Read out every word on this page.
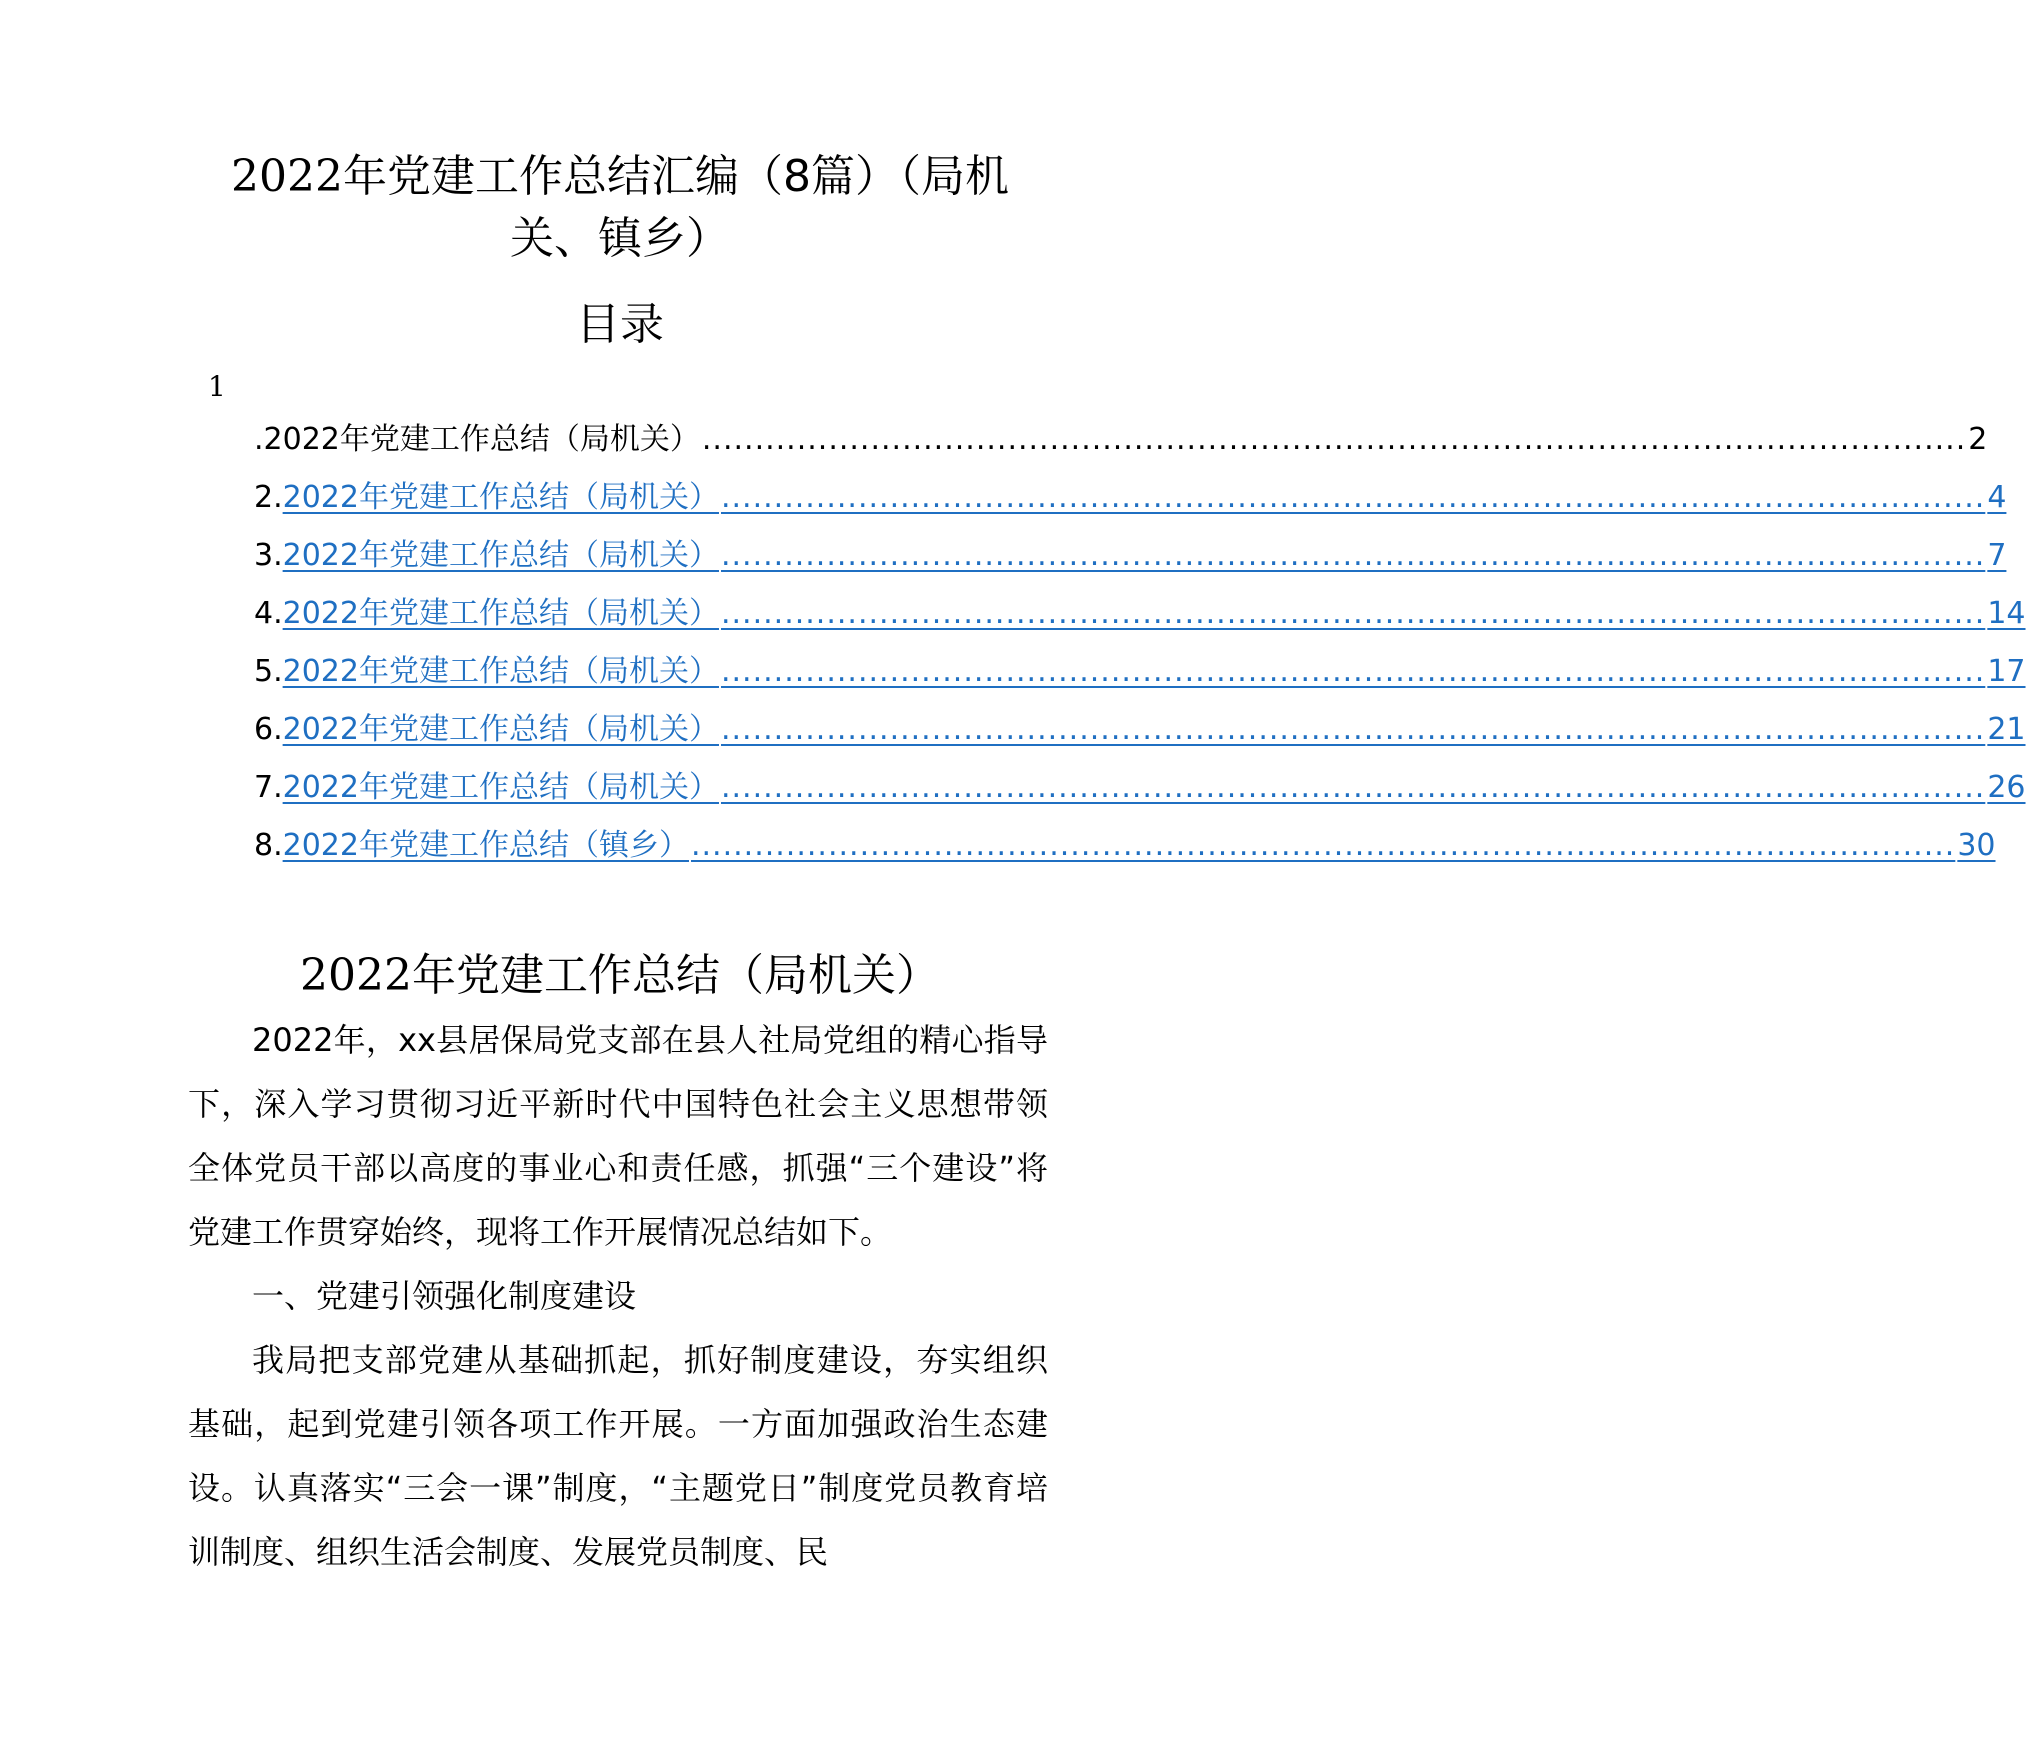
2022年党建工作总结汇编（8篇）（局机
关、镇乡）
目录
1
.2022年党建工作总结（局机关） ........................................................................................................................ 2
2. 2022年党建工作总结（局机关） ........................................................................................................................ 4
3. 2022年党建工作总结（局机关） ........................................................................................................................ 7
4. 2022年党建工作总结（局机关） ........................................................................................................................ 14
5. 2022年党建工作总结（局机关） ........................................................................................................................ 17
6. 2022年党建工作总结（局机关） ........................................................................................................................ 21
7. 2022年党建工作总结（局机关） ........................................................................................................................ 26
8. 2022年党建工作总结（镇乡） ........................................................................................................................ 30
2022年党建工作总结（局机关）

2022年，xx县居保局党支部在县人社局党组的精心指导下，深入学习贯彻习近平新时代中国特色社会主义思想带领全体党员干部以高度的事业心和责任感，抓强“三个建设”将党建工作贯穿始终，现将工作开展情况总结如下。

一、党建引领强化制度建设

我局把支部党建从基础抓起，抓好制度建设，夯实组织基础，起到党建引领各项工作开展。一方面加强政治生态建设。认真落实“三会一课”制度，“主题党日”制度党员教育培训制度、组织生活会制度、发展党员制度、民
